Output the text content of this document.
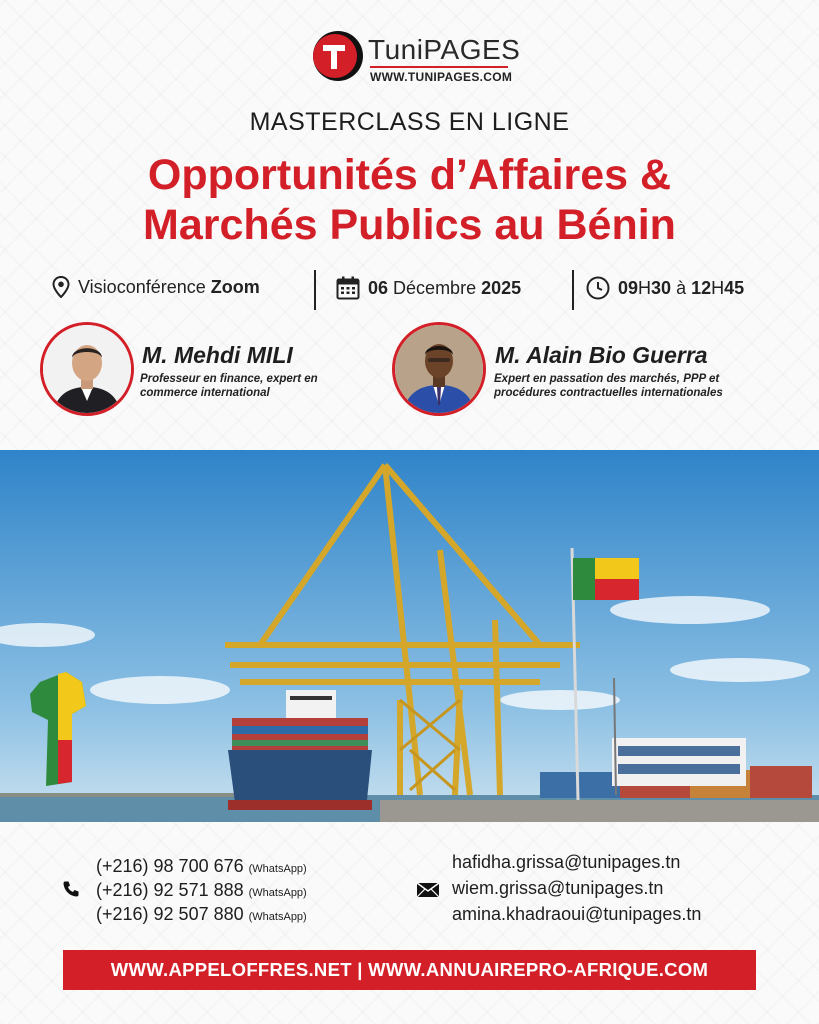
TuniPAGES
WWW.TUNIPAGES.COM
MASTERCLASS EN LIGNE
Opportunités d’Affaires &
Marchés Publics au Bénin
Visioconférence
Zoom	06
Décembre
2025	09 H 30
à
12 H 45
M. Mehdi MILI
Professeur en finance, expert en
commerce international
M. Alain Bio Guerra
Expert en passation des marchés, PPP et
procédures contractuelles internationales
(+216) 98 700 676 (WhatsApp)
(+216) 92 571 888 (WhatsApp)
(+216) 92 507 880 (WhatsApp)
hafidha.grissa@tunipages.tn
wiem.grissa@tunipages.tn
amina.khadraoui@tunipages.tn
WWW.APPELOFFRES.NET | WWW.ANNUAIREPRO-AFRIQUE.COM
